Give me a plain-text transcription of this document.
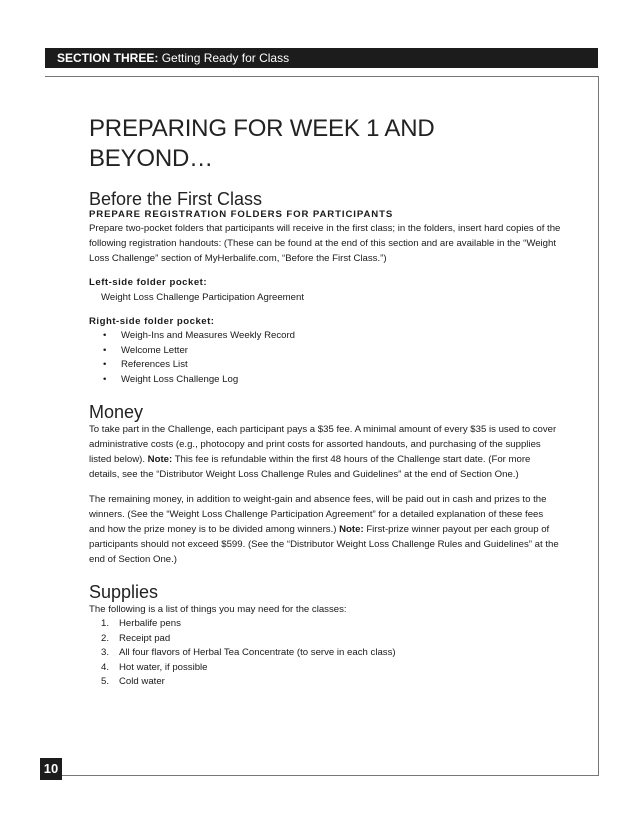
SECTION THREE: Getting Ready for Class
10
PREPARING FOR WEEK 1 AND BEYOND…
Before the First Class
PREPARE REGISTRATION FOLDERS FOR PARTICIPANTS

Prepare two-pocket folders that participants will receive in the first class; in the folders, insert hard copies of the following registration handouts: (These can be found at the end of this section and are available in the “Weight Loss Challenge” section of MyHerbalife.com, “Before the First Class.”)

Left-side folder pocket:
Weight Loss Challenge Participation Agreement
Right-side folder pocket:
• Weigh-Ins and Measures Weekly Record
• Welcome Letter
• References List
• Weight Loss Challenge Log
Money

To take part in the Challenge, each participant pays a $35 fee. A minimal amount of every $35 is used to cover administrative costs (e.g., photocopy and print costs for assorted handouts, and purchasing of the supplies listed below). Note: This fee is refundable within the first 48 hours of the Challenge start date. (For more details, see the “Distributor Weight Loss Challenge Rules and Guidelines” at the end of Section One.)

The remaining money, in addition to weight-gain and absence fees, will be paid out in cash and prizes to the winners. (See the “Weight Loss Challenge Participation Agreement” for a detailed explanation of these fees and how the prize money is to be divided among winners.) Note: First-prize winner payout per each group of participants should not exceed $599. (See the “Distributor Weight Loss Challenge Rules and Guidelines” at the end of Section One.)

Supplies

The following is a list of things you may need for the classes:

1. Herbalife pens
2. Receipt pad
3. All four flavors of Herbal Tea Concentrate (to serve in each class)
4. Hot water, if possible
5. Cold water
